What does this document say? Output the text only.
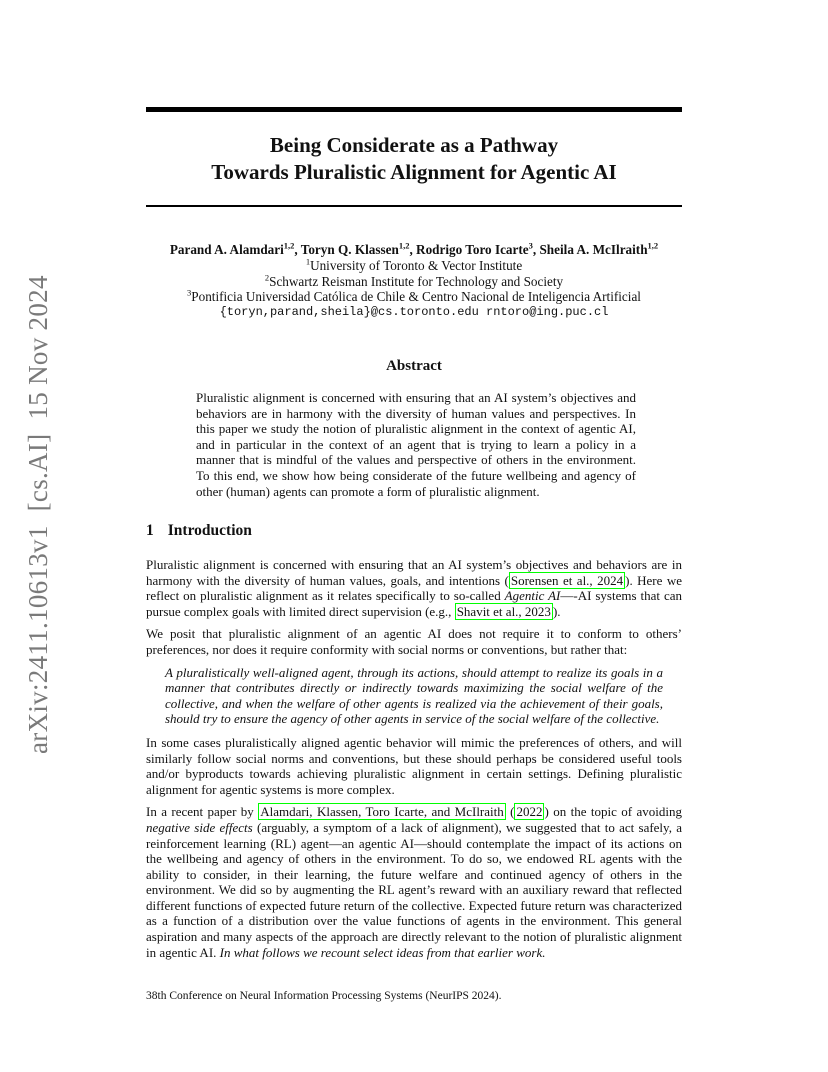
arXiv:2411.10613v1[cs.AI]15 Nov 2024
Being Considerate as a Pathway
Towards Pluralistic Alignment for Agentic AI
Parand A. Alamdari$^{1,2}$, Toryn Q. Klassen$^{1,2}$, Rodrigo Toro Icarte$^3$, Sheila A. McIlraith$^{1,2}$
$^1$University of Toronto & Vector Institute
$^2$Schwartz Reisman Institute for Technology and Society
$^3$Pontificia Universidad Católica de Chile & Centro Nacional de Inteligencia Artificial
{toryn,parand,sheila}@cs.toronto.edu rntoro@ing.puc.cl
Abstract
Pluralistic alignment is concerned with ensuring that an AI system’s objectives and behaviors are in harmony with the diversity of human values and perspectives. In this paper we study the notion of pluralistic alignment in the context of agentic AI, and in particular in the context of an agent that is trying to learn a policy in a manner that is mindful of the values and perspective of others in the environment. To this end, we show how being considerate of the future wellbeing and agency of other (human) agents can promote a form of pluralistic alignment.
1 Introduction

Pluralistic alignment is concerned with ensuring that an AI system’s objectives and behaviors are in harmony with the diversity of human values, goals, and intentions ( Sorensen et al., 2024 ). Here we reflect on pluralistic alignment as it relates specifically to so-called Agentic AI—-AI systems that can pursue complex goals with limited direct supervision (e.g., Shavit et al., 2023 ).

We posit that pluralistic alignment of an agentic AI does not require it to conform to others’ preferences, nor does it require conformity with social norms or conventions, but rather that:

A pluralistically well-aligned agent, through its actions, should attempt to realize its goals in a manner that contributes directly or indirectly towards maximizing the social welfare of the collective, and when the welfare of other agents is realized via the achievement of their goals, should try to ensure the agency of other agents in service of the social welfare of the collective.

In some cases pluralistically aligned agentic behavior will mimic the preferences of others, and will similarly follow social norms and conventions, but these should perhaps be considered useful tools and/or byproducts towards achieving pluralistic alignment in certain settings. Defining pluralistic alignment for agentic systems is more complex.

In a recent paper by Alamdari, Klassen, Toro Icarte, and McIlraith ( 2022 ) on the topic of avoiding negative side effects (arguably, a symptom of a lack of alignment), we suggested that to act safely, a reinforcement learning (RL) agent—an agentic AI—should contemplate the impact of its actions on the wellbeing and agency of others in the environment. To do so, we endowed RL agents with the ability to consider, in their learning, the future welfare and continued agency of others in the environment. We did so by augmenting the RL agent’s reward with an auxiliary reward that reflected different functions of expected future return of the collective. Expected future return was characterized as a function of a distribution over the value functions of agents in the environment. This general aspiration and many aspects of the approach are directly relevant to the notion of pluralistic alignment in agentic AI. In what follows we recount select ideas from that earlier work.

38th Conference on Neural Information Processing Systems (NeurIPS 2024).
